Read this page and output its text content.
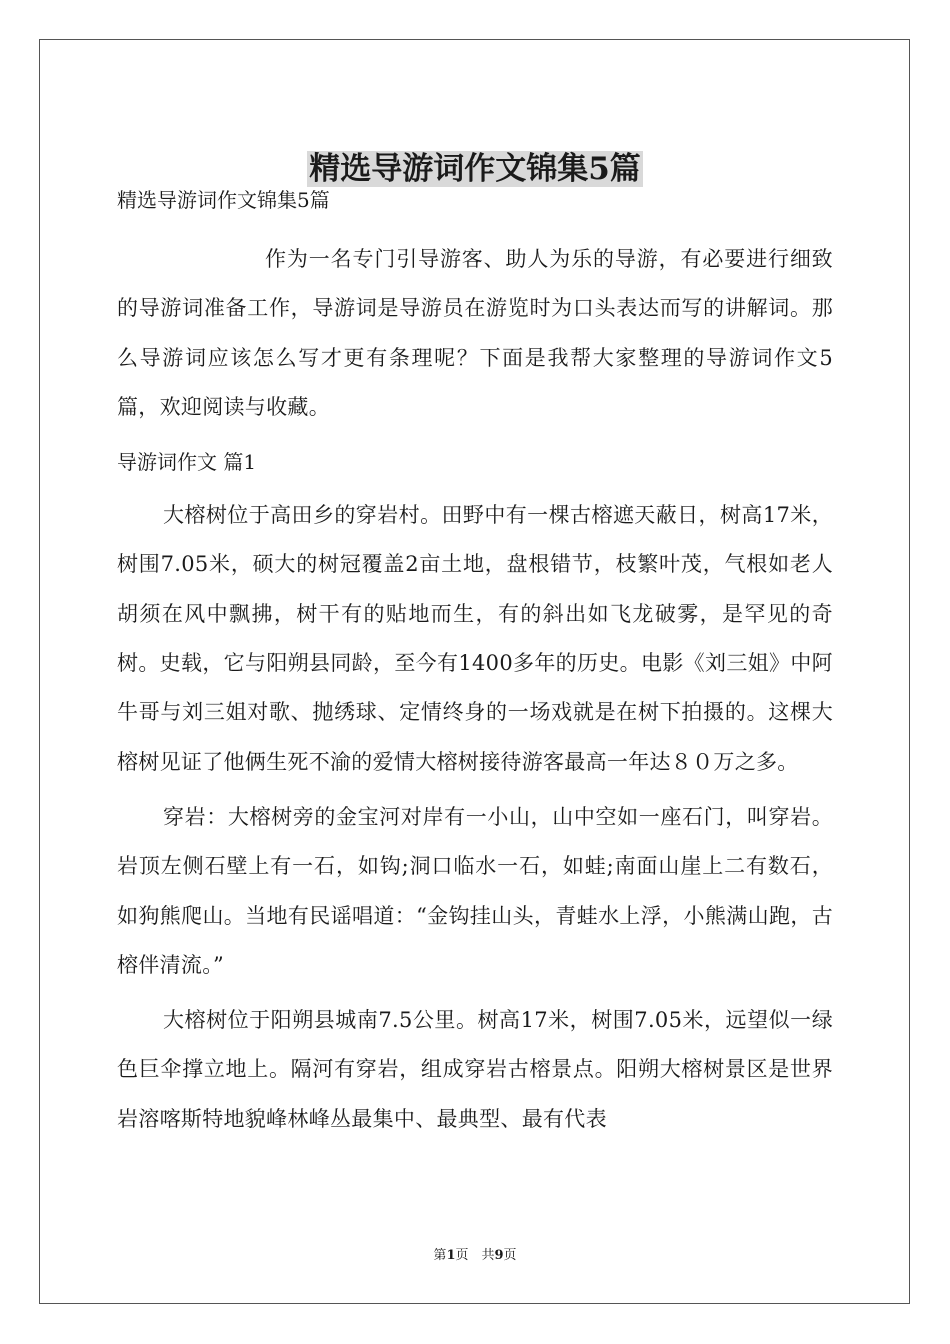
精选导游词作文锦集5篇

精选导游词作文锦集5篇

作为一名专门引导游客、助人为乐的导游，有必要进行细致的导游词准备工作，导游词是导游员在游览时为口头表达而写的讲解词。那么导游词应该怎么写才更有条理呢？下面是我帮大家整理的导游词作文5篇，欢迎阅读与收藏。

导游词作文 篇1

大榕树位于高田乡的穿岩村。田野中有一棵古榕遮天蔽日，树高17米，树围7.05米，硕大的树冠覆盖2亩土地，盘根错节，枝繁叶茂，气根如老人胡须在风中飘拂，树干有的贴地而生，有的斜出如飞龙破雾，是罕见的奇树。史载，它与阳朔县同龄，至今有1400多年的历史。电影《刘三姐》中阿牛哥与刘三姐对歌、抛绣球、定情终身的一场戏就是在树下拍摄的。这棵大榕树见证了他俩生死不渝的爱情大榕树接待游客最高一年达８０万之多。

穿岩：大榕树旁的金宝河对岸有一小山，山中空如一座石门，叫穿岩。岩顶左侧石壁上有一石，如钩;洞口临水一石，如蛙;南面山崖上二有数石，如狗熊爬山。当地有民谣唱道：“金钩挂山头，青蛙水上浮，小熊满山跑，古榕伴清流。”

大榕树位于阳朔县城南7.5公里。树高17米，树围7.05米，远望似一绿色巨伞撑立地上。隔河有穿岩，组成穿岩古榕景点。阳朔大榕树景区是世界岩溶喀斯特地貌峰林峰丛最集中、最典型、最有代表

第1页　共9页
